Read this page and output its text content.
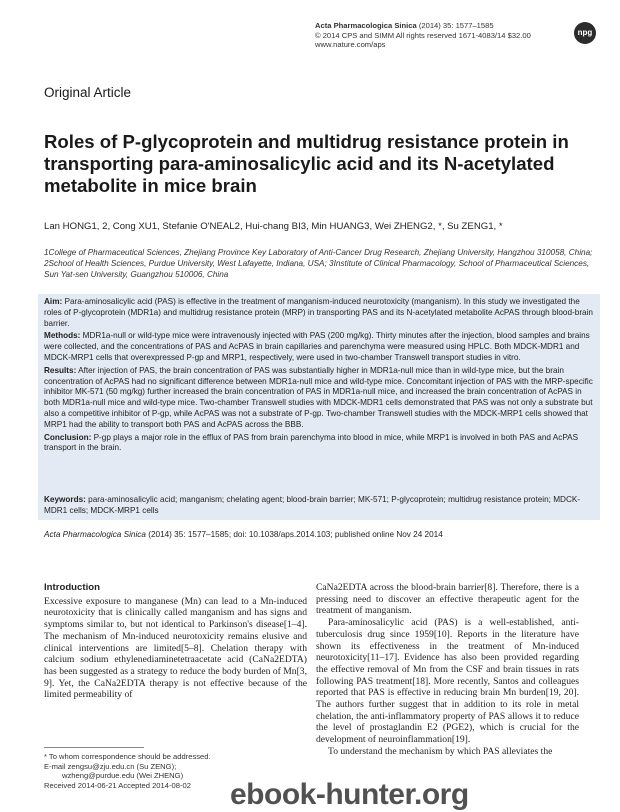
Acta Pharmacologica Sinica (2014) 35: 1577–1585
© 2014 CPS and SIMM All rights reserved 1671-4083/14 $32.00
www.nature.com/aps
npg
Original Article
Roles of P-glycoprotein and multidrug resistance protein in transporting para-aminosalicylic acid and its N-acetylated metabolite in mice brain
Lan HONG1, 2, Cong XU1, Stefanie O'NEAL2, Hui-chang BI3, Min HUANG3, Wei ZHENG2, *, Su ZENG1, *
1College of Pharmaceutical Sciences, Zhejiang Province Key Laboratory of Anti-Cancer Drug Research, Zhejiang University, Hangzhou 310058, China; 2School of Health Sciences, Purdue University, West Lafayette, Indiana, USA; 3Institute of Clinical Pharmacology, School of Pharmaceutical Sciences, Sun Yat-sen University, Guangzhou 510006, China

Aim: Para-aminosalicylic acid (PAS) is effective in the treatment of manganism-induced neurotoxicity (manganism). In this study we investigated the roles of P-glycoprotein (MDR1a) and multidrug resistance protein (MRP) in transporting PAS and its N-acetylated metabolite AcPAS through blood-brain barrier.

Methods: MDR1a-null or wild-type mice were intravenously injected with PAS (200 mg/kg). Thirty minutes after the injection, blood samples and brains were collected, and the concentrations of PAS and AcPAS in brain capillaries and parenchyma were measured using HPLC. Both MDCK-MDR1 and MDCK-MRP1 cells that overexpressed P-gp and MRP1, respectively, were used in two-chamber Transwell transport studies in vitro.

Results: After injection of PAS, the brain concentration of PAS was substantially higher in MDR1a-null mice than in wild-type mice, but the brain concentration of AcPAS had no significant difference between MDR1a-null mice and wild-type mice. Concomitant injection of PAS with the MRP-specific inhibitor MK-571 (50 mg/kg) further increased the brain concentration of PAS in MDR1a-null mice, and increased the brain concentration of AcPAS in both MDR1a-null mice and wild-type mice. Two-chamber Transwell studies with MDCK-MDR1 cells demonstrated that PAS was not only a substrate but also a competitive inhibitor of P-gp, while AcPAS was not a substrate of P-gp. Two-chamber Transwell studies with the MDCK-MRP1 cells showed that MRP1 had the ability to transport both PAS and AcPAS across the BBB.

Conclusion: P-gp plays a major role in the efflux of PAS from brain parenchyma into blood in mice, while MRP1 is involved in both PAS and AcPAS transport in the brain.

Keywords: para-aminosalicylic acid; manganism; chelating agent; blood-brain barrier; MK-571; P-glycoprotein; multidrug resistance protein; MDCK-MDR1 cells; MDCK-MRP1 cells
Acta Pharmacologica Sinica (2014) 35: 1577–1585; doi: 10.1038/aps.2014.103; published online Nov 24 2014
Introduction

Excessive exposure to manganese (Mn) can lead to a Mn-induced neurotoxicity that is clinically called manganism and has signs and symptoms similar to, but not identical to Parkinson's disease[1–4]. The mechanism of Mn-induced neurotoxicity remains elusive and clinical interventions are limited[5–8]. Chelation therapy with calcium sodium ethylenediaminetetraacetate acid (CaNa2EDTA) has been suggested as a strategy to reduce the body burden of Mn[3, 9]. Yet, the CaNa2EDTA therapy is not effective because of the limited permeability of

CaNa2EDTA across the blood-brain barrier[8]. Therefore, there is a pressing need to discover an effective therapeutic agent for the treatment of manganism.

Para-aminosalicylic acid (PAS) is a well-established, anti-tuberculosis drug since 1959[10]. Reports in the literature have shown its effectiveness in the treatment of Mn-induced neurotoxicity[11–17]. Evidence has also been provided regarding the effective removal of Mn from the CSF and brain tissues in rats following PAS treatment[18]. More recently, Santos and colleagues reported that PAS is effective in reducing brain Mn burden[19, 20]. The authors further suggest that in addition to its role in metal chelation, the anti-inflammatory property of PAS allows it to reduce the level of prostaglandin E2 (PGE2), which is crucial for the development of neuroinflammation[19].

To understand the mechanism by which PAS alleviates the

* To whom correspondence should be addressed.
E-mail zengsu@zju.edu.cn (Su ZENG);
wzheng@purdue.edu (Wei ZHENG)
Received 2014-06-21 Accepted 2014-08-02	ebook-hunter.org
